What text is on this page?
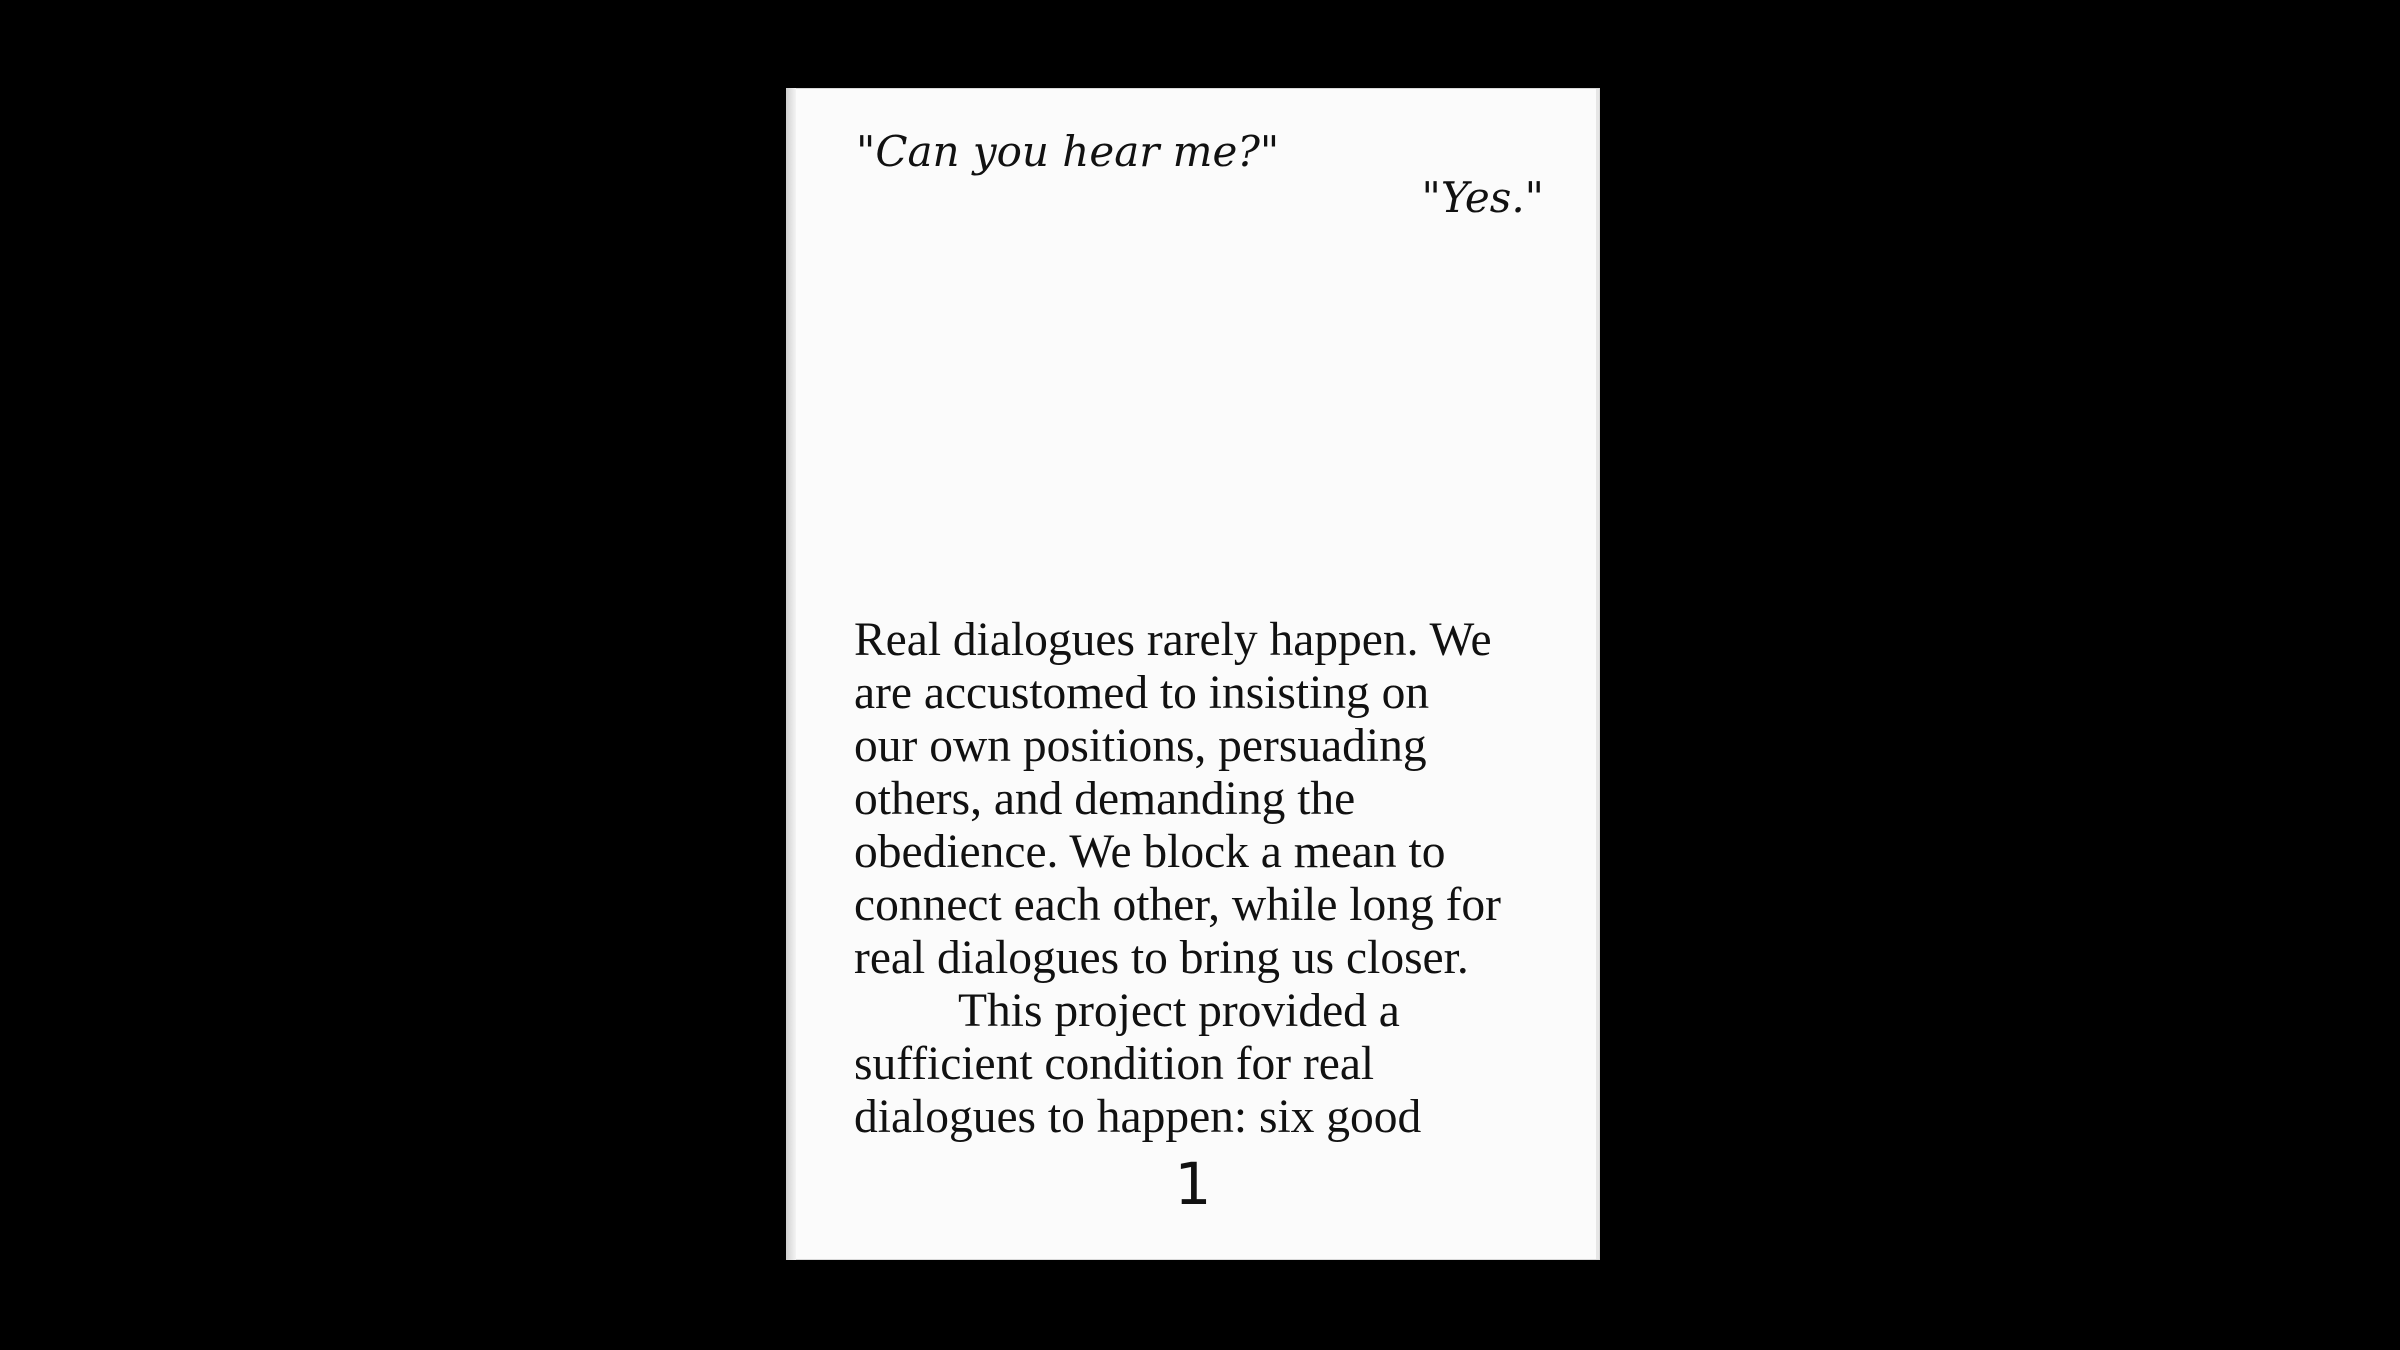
"Can you hear me?"
"Yes."

Real dialogues rarely happen. We
are accustomed to insisting on
our own positions, persuading
others, and demanding the
obedience. We block a mean to
connect each other, while long for
real dialogues to bring us closer.

This project provided a
sufficient condition for real
dialogues to happen: six good

1
